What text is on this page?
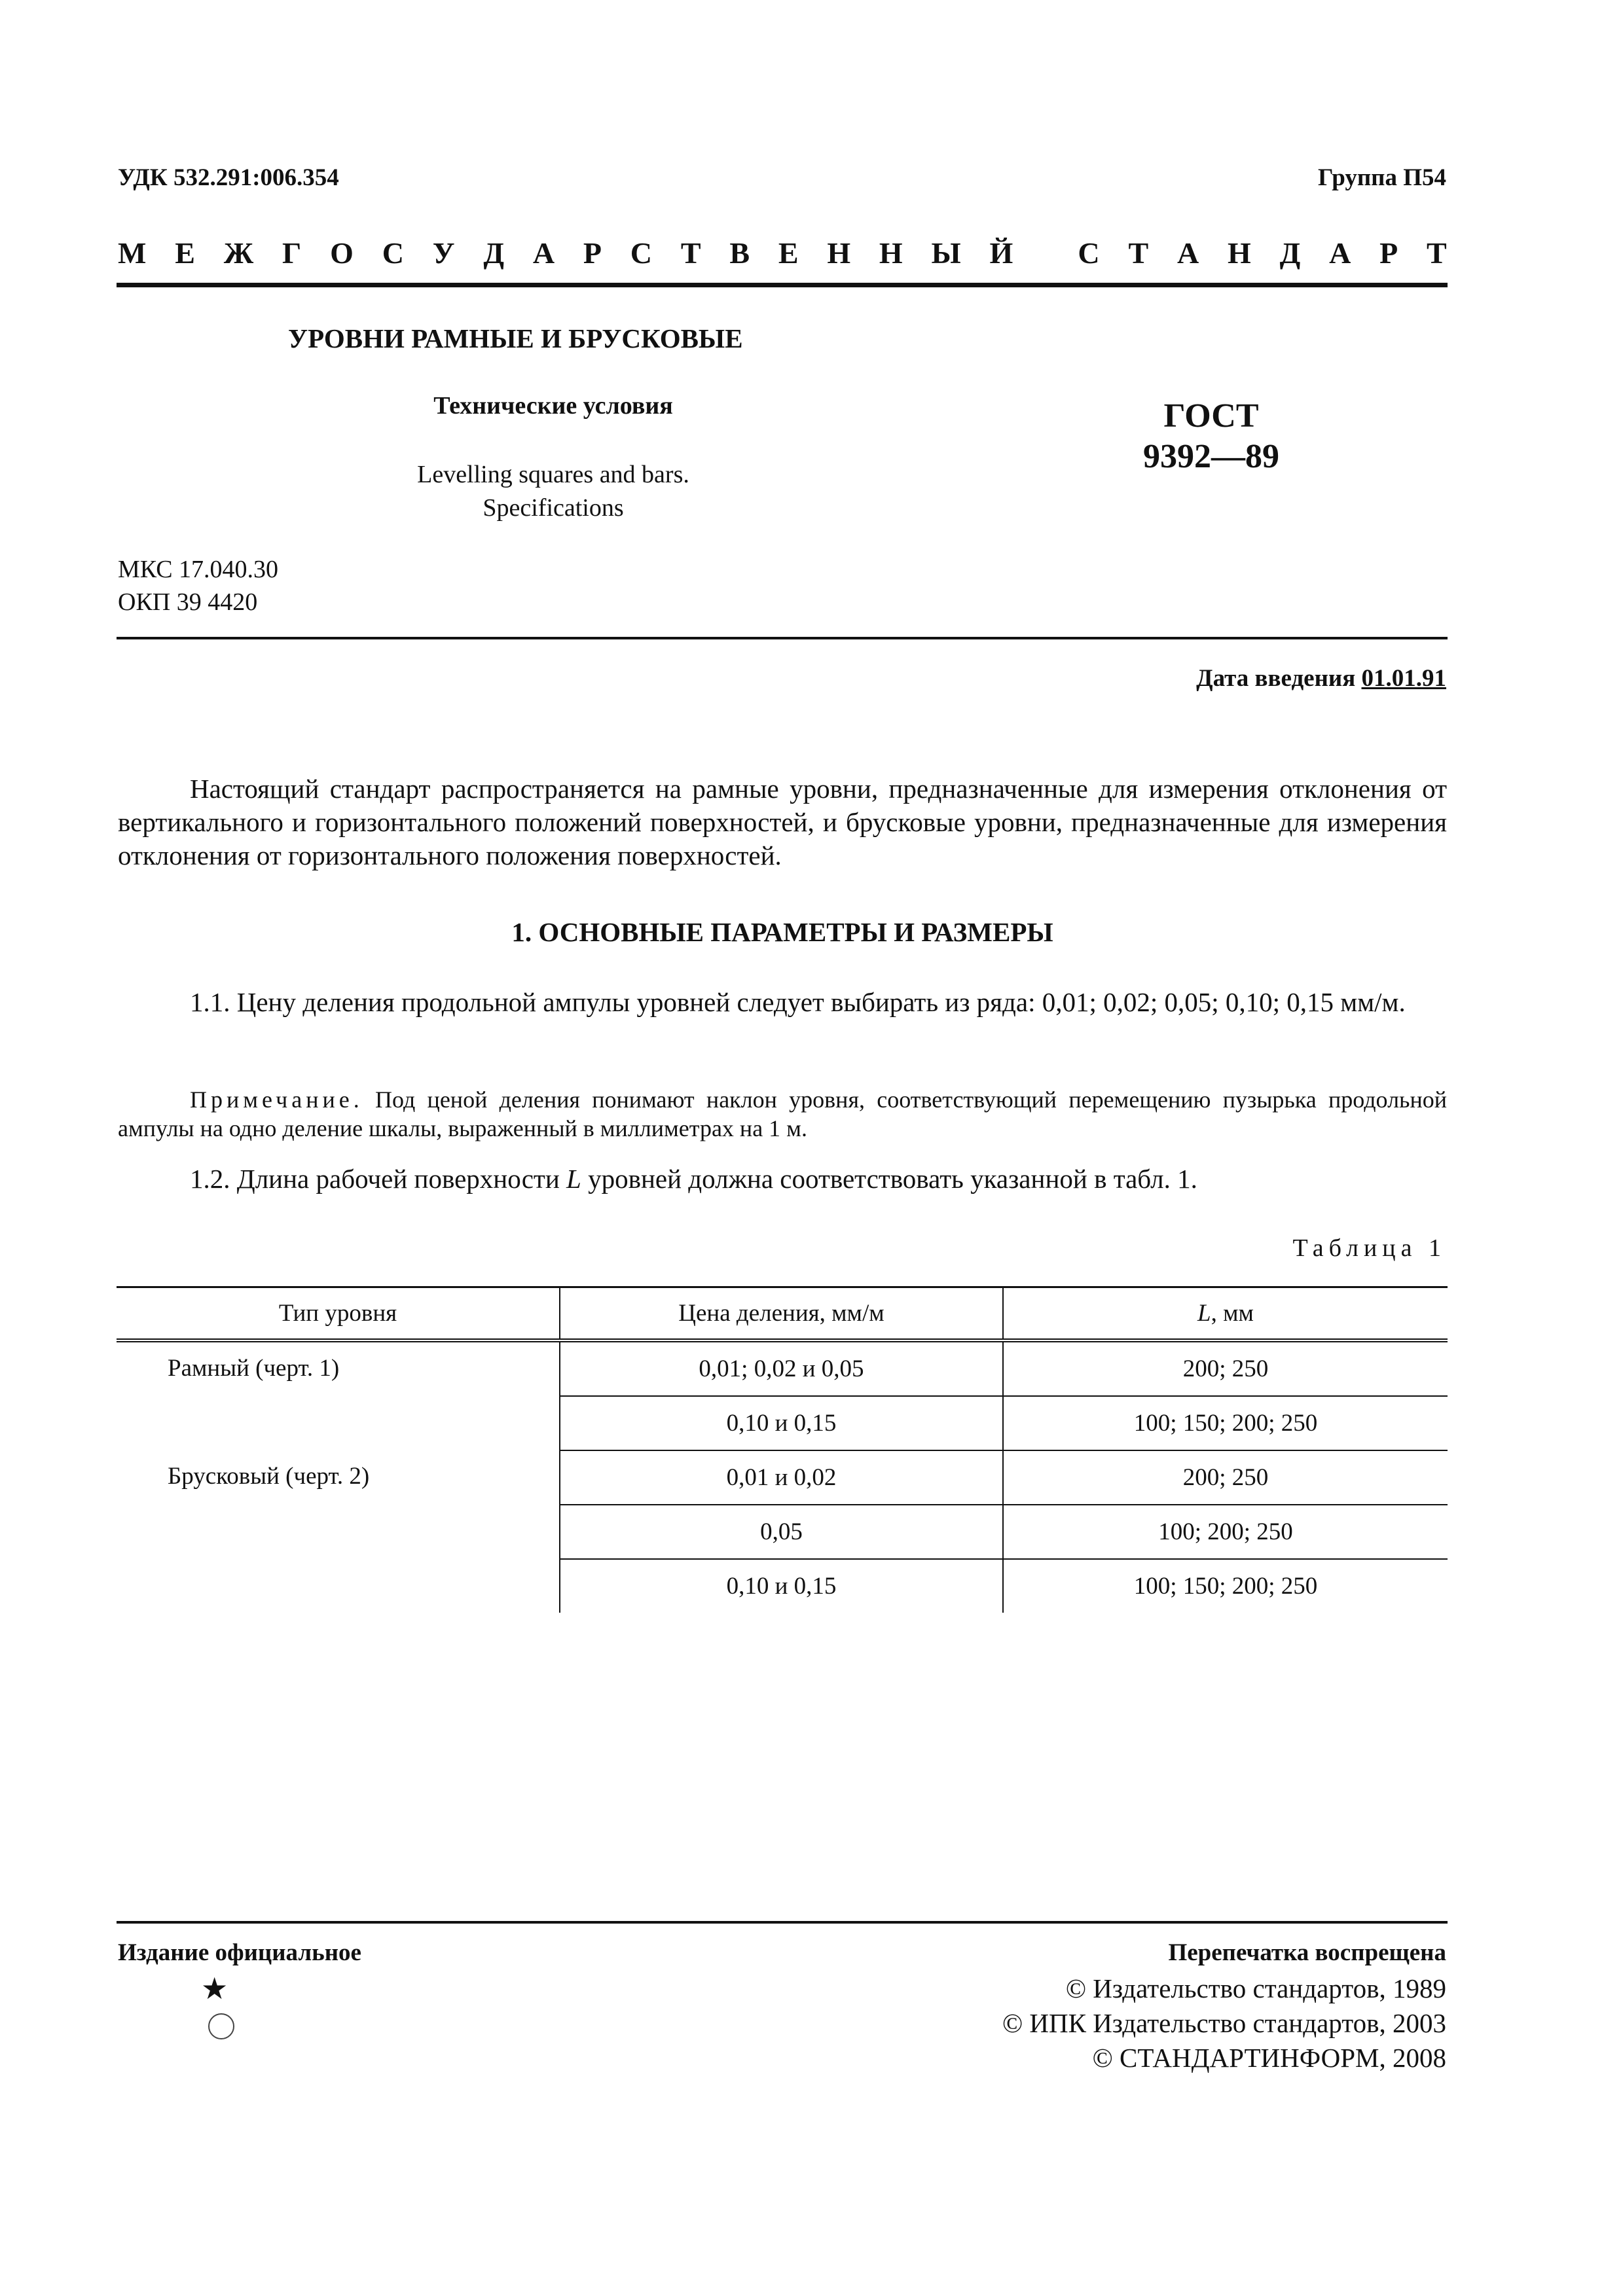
УДК 532.291:006.354	Группа П54

М Е Ж Г О С У Д А Р С Т В Е Н Н Ы Й
С Т А Н Д А Р Т

УРОВНИ РАМНЫЕ И БРУСКОВЫЕ

Технические условия

Levelling squares and bars.
Specifications
ГОСТ
9392—89
МКС 17.040.30
ОКП 39 4420

Дата введения 01.01.91

Настоящий стандарт распространяется на рамные уровни, предназначенные для измерения отклонения от вертикального и горизонтального положений поверхностей, и брусковые уровни, предназначенные для измерения отклонения от горизонтального положения поверхностей.

1. ОСНОВНЫЕ ПАРАМЕТРЫ И РАЗМЕРЫ

1.1. Цену деления продольной ампулы уровней следует выбирать из ряда: 0,01; 0,02; 0,05; 0,10; 0,15 мм/м.

Примечание. Под ценой деления понимают наклон уровня, соответствующий перемещению пузырька продольной ампулы на одно деление шкалы, выраженный в миллиметрах на 1 м.

1.2. Длина рабочей поверхности L уровней должна соответствовать указанной в табл. 1.

Таблица 1

Тип уровня	Цена деления, мм/м	L, мм
Рамный (черт. 1)	0,01; 0,02 и 0,05	200; 250
	0,10 и 0,15	100; 150; 200; 250
Брусковый (черт. 2)	0,01 и 0,02	200; 250
	0,05	100; 200; 250
	0,10 и 0,15	100; 150; 200; 250

Издание официальное	Перепечатка воспрещена

★	© Издательство стандартов, 1989
© ИПК Издательство стандартов, 2003
© СТАНДАРТИНФОРМ, 2008
